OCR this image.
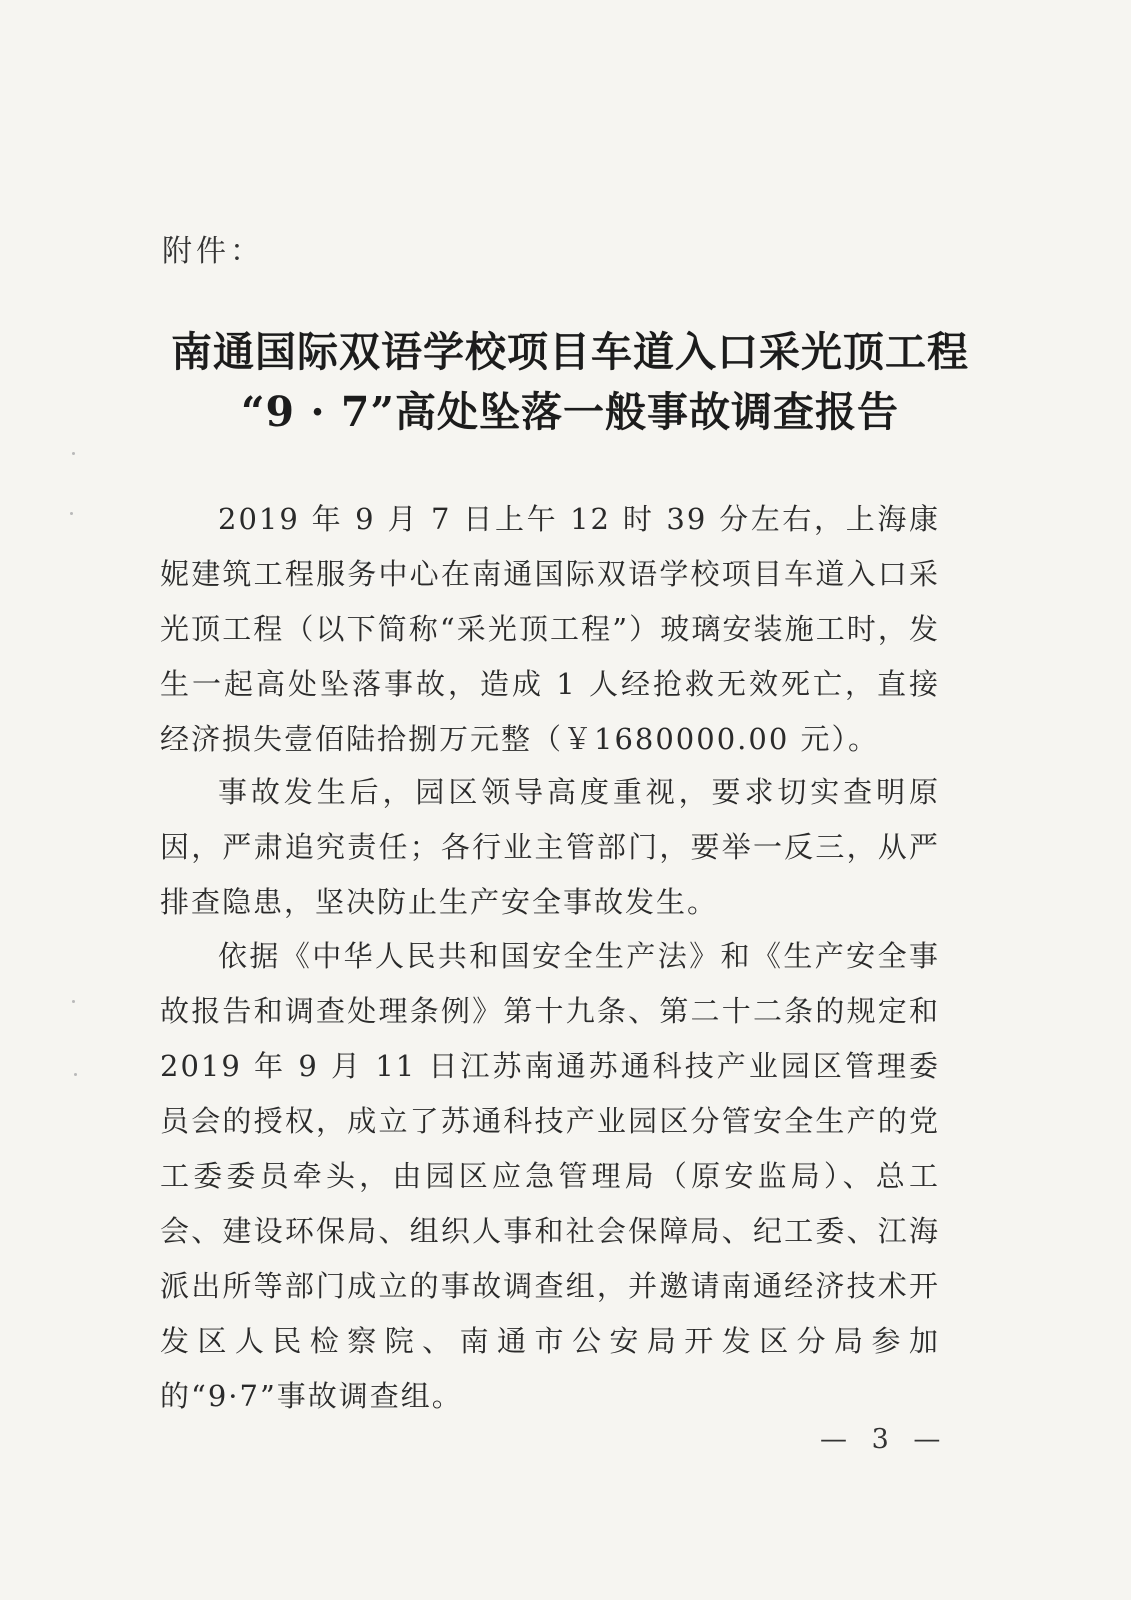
附件：
南通国际双语学校项目车道入口采光顶工程
“9 · 7”高处坠落一般事故调查报告

2019 年 9 月 7 日上午 12 时 39 分左右，上海康妮建筑工程服务中心在南通国际双语学校项目车道入口采光顶工程（以下简称“采光顶工程”）玻璃安装施工时，发生一起高处坠落事故，造成 1 人经抢救无效死亡，直接经济损失壹佰陆拾捌万元整（￥1680000.00 元）。

事故发生后，园区领导高度重视，要求切实查明原因，严肃追究责任；各行业主管部门，要举一反三，从严排查隐患，坚决防止生产安全事故发生。

依据《中华人民共和国安全生产法》和《生产安全事故报告和调查处理条例》第十九条、第二十二条的规定和 2019 年 9 月 11 日江苏南通苏通科技产业园区管理委员会的授权，成立了苏通科技产业园区分管安全生产的党工委委员牵头，由园区应急管理局（原安监局）、总工会、建设环保局、组织人事和社会保障局、纪工委、江海派出所等部门成立的事故调查组，并邀请南通经济技术开发区人民检察院、南通市公安局开发区分局参加的“9·7”事故调查组。

— 3 —
